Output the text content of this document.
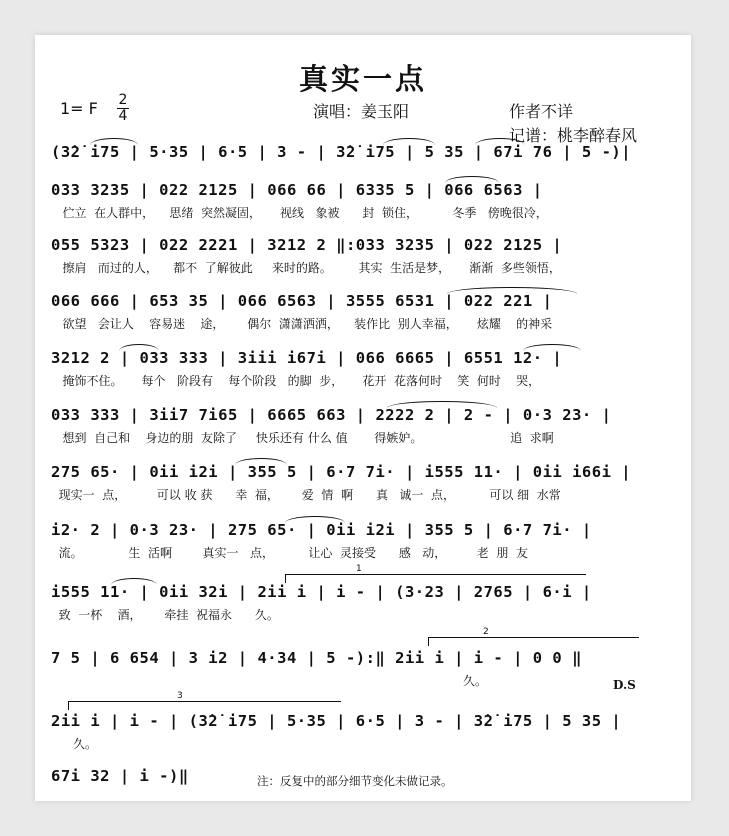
真实一点
1= F 2
4	演唱：姜玉阳	作者不详
记谱：桃李醉春风
(3̇2̇ i75 | 5·35 | 6·5 | 3 - | 3̇2̇ i75 | 5 35 | 67i 76 | 5 -)|
033 3235 | 022 2125 | 066 66 | 6335 5 | 066 6563 |
伫立  在人群中，    思绪  突然凝固，     视线   象被      封  锁住，         冬季   傍晚很冷，
055 5323 | 022 2221 | 3212 2 ‖:033 3235 | 022 2125 |
擦肩   而过的人，    都不  了解彼此     来时的路。       其实  生活是梦，     渐渐  多些领悟，
066 666 | 653 35 | 066 6563 | 3555 6531 | 022 221 |
欲望   会让人    容易迷    途，      偶尔  潇潇洒洒，    装作比  别人幸福，     炫耀    的神采
3212 2 | 033 333 | 3iii i67i | 066 6665 | 6551 12· |
掩饰不住。     每个   阶段有    每个阶段   的脚  步，     花开  花落何时    笑  何时    哭，
033 333 | 3ii7 7i65 | 6665 663 | 2222 2 | 2 - | 0·3 23· |
想到  自己和    身边的朋  友除了     快乐还有 什么 值       得嫉妒。                       追  求啊
275 65· | 0ii i2i | 355 5 | 6·7 7i· | i555 11· | 0ii i66i |
现实一  点，        可以 收 获      幸  福，      爱  情  啊      真   诚一  点，         可以 细  水常
i2· 2 | 0·3 23· | 275 65· | 0ii i2i | 355 5 | 6·7 7i· |
流。            生  活啊        真实一   点，         让心  灵接受      感   动，        老  朋  友
1
i555 11· | 0ii 32i | 2ii i | i - | (3·23 | 2765 | 6·i |
致  一杯    酒，      牵挂  祝福永      久。
2
7 5 | 6 654 | 3 i2 | 4·34 | 5 -):‖ 2ii i | i - | 0 0 ‖
久。	D.S
3
2ii i | i - | (3̇2̇ i75 | 5·35 | 6·5 | 3 - | 3̇2̇ i75 | 5 35 |
久。
67i 32 | i -)‖	注：反复中的部分细节变化未做记录。
